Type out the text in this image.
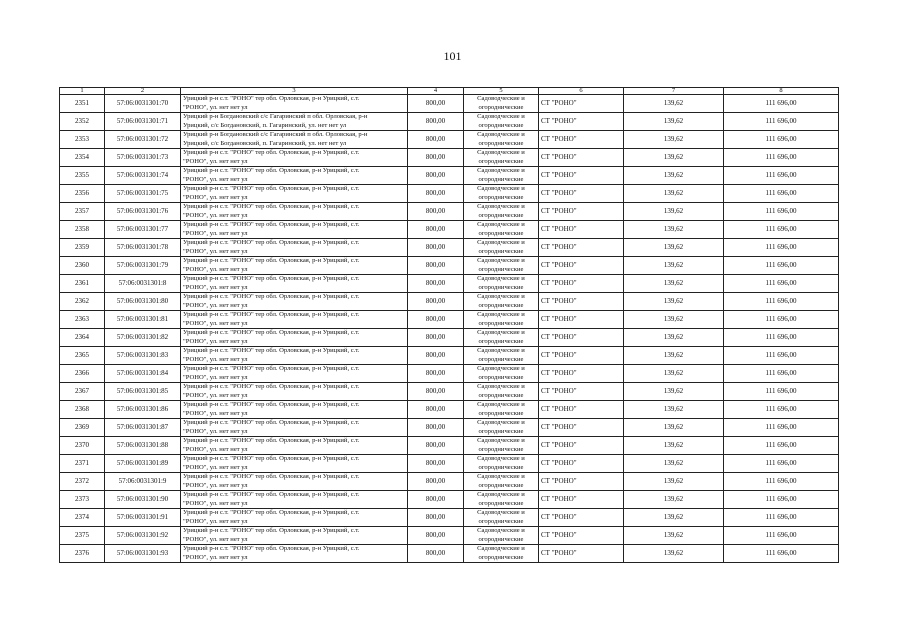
101
1	2	3	4	5	6	7	8
2351	57:06:0031301:70	Урицкий р-н с.т. "РОНО" тер обл. Орловская, р-н Урицкий, с.т.
"РОНО", ул. нет нет ул	800,00	Садоводческие и
огороднические	СТ "РОНО"	139,62	111 696,00
2352	57:06:0031301:71	Урицкий р-н Богдановский с/с Гагаринский п обл. Орловская, р-н
Урицкий, с/с Богдановский, п. Гагаринский, ул. нет нет ул	800,00	Садоводческие и
огороднические	СТ "РОНО"	139,62	111 696,00
2353	57:06:0031301:72	Урицкий р-н Богдановский с/с Гагаринский п обл. Орловская, р-н
Урицкий, с/с Богдановский, п. Гагаринский, ул. нет нет ул	800,00	Садоводческие и
огороднические	СТ "РОНО"	139,62	111 696,00
2354	57:06:0031301:73	Урицкий р-н с.т. "РОНО" тер обл. Орловская, р-н Урицкий, с.т.
"РОНО", ул. нет нет ул	800,00	Садоводческие и
огороднические	СТ "РОНО"	139,62	111 696,00
2355	57:06:0031301:74	Урицкий р-н с.т. "РОНО" тер обл. Орловская, р-н Урицкий, с.т.
"РОНО", ул. нет нет ул	800,00	Садоводческие и
огороднические	СТ "РОНО"	139,62	111 696,00
2356	57:06:0031301:75	Урицкий р-н с.т. "РОНО" тер обл. Орловская, р-н Урицкий, с.т.
"РОНО", ул. нет нет ул	800,00	Садоводческие и
огороднические	СТ "РОНО"	139,62	111 696,00
2357	57:06:0031301:76	Урицкий р-н с.т. "РОНО" тер обл. Орловская, р-н Урицкий, с.т.
"РОНО", ул. нет нет ул	800,00	Садоводческие и
огороднические	СТ "РОНО"	139,62	111 696,00
2358	57:06:0031301:77	Урицкий р-н с.т. "РОНО" тер обл. Орловская, р-н Урицкий, с.т.
"РОНО", ул. нет нет ул	800,00	Садоводческие и
огороднические	СТ "РОНО"	139,62	111 696,00
2359	57:06:0031301:78	Урицкий р-н с.т. "РОНО" тер обл. Орловская, р-н Урицкий, с.т.
"РОНО", ул. нет нет ул	800,00	Садоводческие и
огороднические	СТ "РОНО"	139,62	111 696,00
2360	57:06:0031301:79	Урицкий р-н с.т. "РОНО" тер обл. Орловская, р-н Урицкий, с.т.
"РОНО", ул. нет нет ул	800,00	Садоводческие и
огороднические	СТ "РОНО"	139,62	111 696,00
2361	57:06:0031301:8	Урицкий р-н с.т. "РОНО" тер обл. Орловская, р-н Урицкий, с.т.
"РОНО", ул. нет нет ул	800,00	Садоводческие и
огороднические	СТ "РОНО"	139,62	111 696,00
2362	57:06:0031301:80	Урицкий р-н с.т. "РОНО" тер обл. Орловская, р-н Урицкий, с.т.
"РОНО", ул. нет нет ул	800,00	Садоводческие и
огороднические	СТ "РОНО"	139,62	111 696,00
2363	57:06:0031301:81	Урицкий р-н с.т. "РОНО" тер обл. Орловская, р-н Урицкий, с.т.
"РОНО", ул. нет нет ул	800,00	Садоводческие и
огороднические	СТ "РОНО"	139,62	111 696,00
2364	57:06:0031301:82	Урицкий р-н с.т. "РОНО" тер обл. Орловская, р-н Урицкий, с.т.
"РОНО", ул. нет нет ул	800,00	Садоводческие и
огороднические	СТ "РОНО"	139,62	111 696,00
2365	57:06:0031301:83	Урицкий р-н с.т. "РОНО" тер обл. Орловская, р-н Урицкий, с.т.
"РОНО", ул. нет нет ул	800,00	Садоводческие и
огороднические	СТ "РОНО"	139,62	111 696,00
2366	57:06:0031301:84	Урицкий р-н с.т. "РОНО" тер обл. Орловская, р-н Урицкий, с.т.
"РОНО", ул. нет нет ул	800,00	Садоводческие и
огороднические	СТ "РОНО"	139,62	111 696,00
2367	57:06:0031301:85	Урицкий р-н с.т. "РОНО" тер обл. Орловская, р-н Урицкий, с.т.
"РОНО", ул. нет нет ул	800,00	Садоводческие и
огороднические	СТ "РОНО"	139,62	111 696,00
2368	57:06:0031301:86	Урицкий р-н с.т. "РОНО" тер обл. Орловская, р-н Урицкий, с.т.
"РОНО", ул. нет нет ул	800,00	Садоводческие и
огороднические	СТ "РОНО"	139,62	111 696,00
2369	57:06:0031301:87	Урицкий р-н с.т. "РОНО" тер обл. Орловская, р-н Урицкий, с.т.
"РОНО", ул. нет нет ул	800,00	Садоводческие и
огороднические	СТ "РОНО"	139,62	111 696,00
2370	57:06:0031301:88	Урицкий р-н с.т. "РОНО" тер обл. Орловская, р-н Урицкий, с.т.
"РОНО", ул. нет нет ул	800,00	Садоводческие и
огороднические	СТ "РОНО"	139,62	111 696,00
2371	57:06:0031301:89	Урицкий р-н с.т. "РОНО" тер обл. Орловская, р-н Урицкий, с.т.
"РОНО", ул. нет нет ул	800,00	Садоводческие и
огороднические	СТ "РОНО"	139,62	111 696,00
2372	57:06:0031301:9	Урицкий р-н с.т. "РОНО" тер обл. Орловская, р-н Урицкий, с.т.
"РОНО", ул. нет нет ул	800,00	Садоводческие и
огороднические	СТ "РОНО"	139,62	111 696,00
2373	57:06:0031301:90	Урицкий р-н с.т. "РОНО" тер обл. Орловская, р-н Урицкий, с.т.
"РОНО", ул. нет нет ул	800,00	Садоводческие и
огороднические	СТ "РОНО"	139,62	111 696,00
2374	57:06:0031301:91	Урицкий р-н с.т. "РОНО" тер обл. Орловская, р-н Урицкий, с.т.
"РОНО", ул. нет нет ул	800,00	Садоводческие и
огороднические	СТ "РОНО"	139,62	111 696,00
2375	57:06:0031301:92	Урицкий р-н с.т. "РОНО" тер обл. Орловская, р-н Урицкий, с.т.
"РОНО", ул. нет нет ул	800,00	Садоводческие и
огороднические	СТ "РОНО"	139,62	111 696,00
2376	57:06:0031301:93	Урицкий р-н с.т. "РОНО" тер обл. Орловская, р-н Урицкий, с.т.
"РОНО", ул. нет нет ул	800,00	Садоводческие и
огороднические	СТ "РОНО"	139,62	111 696,00
